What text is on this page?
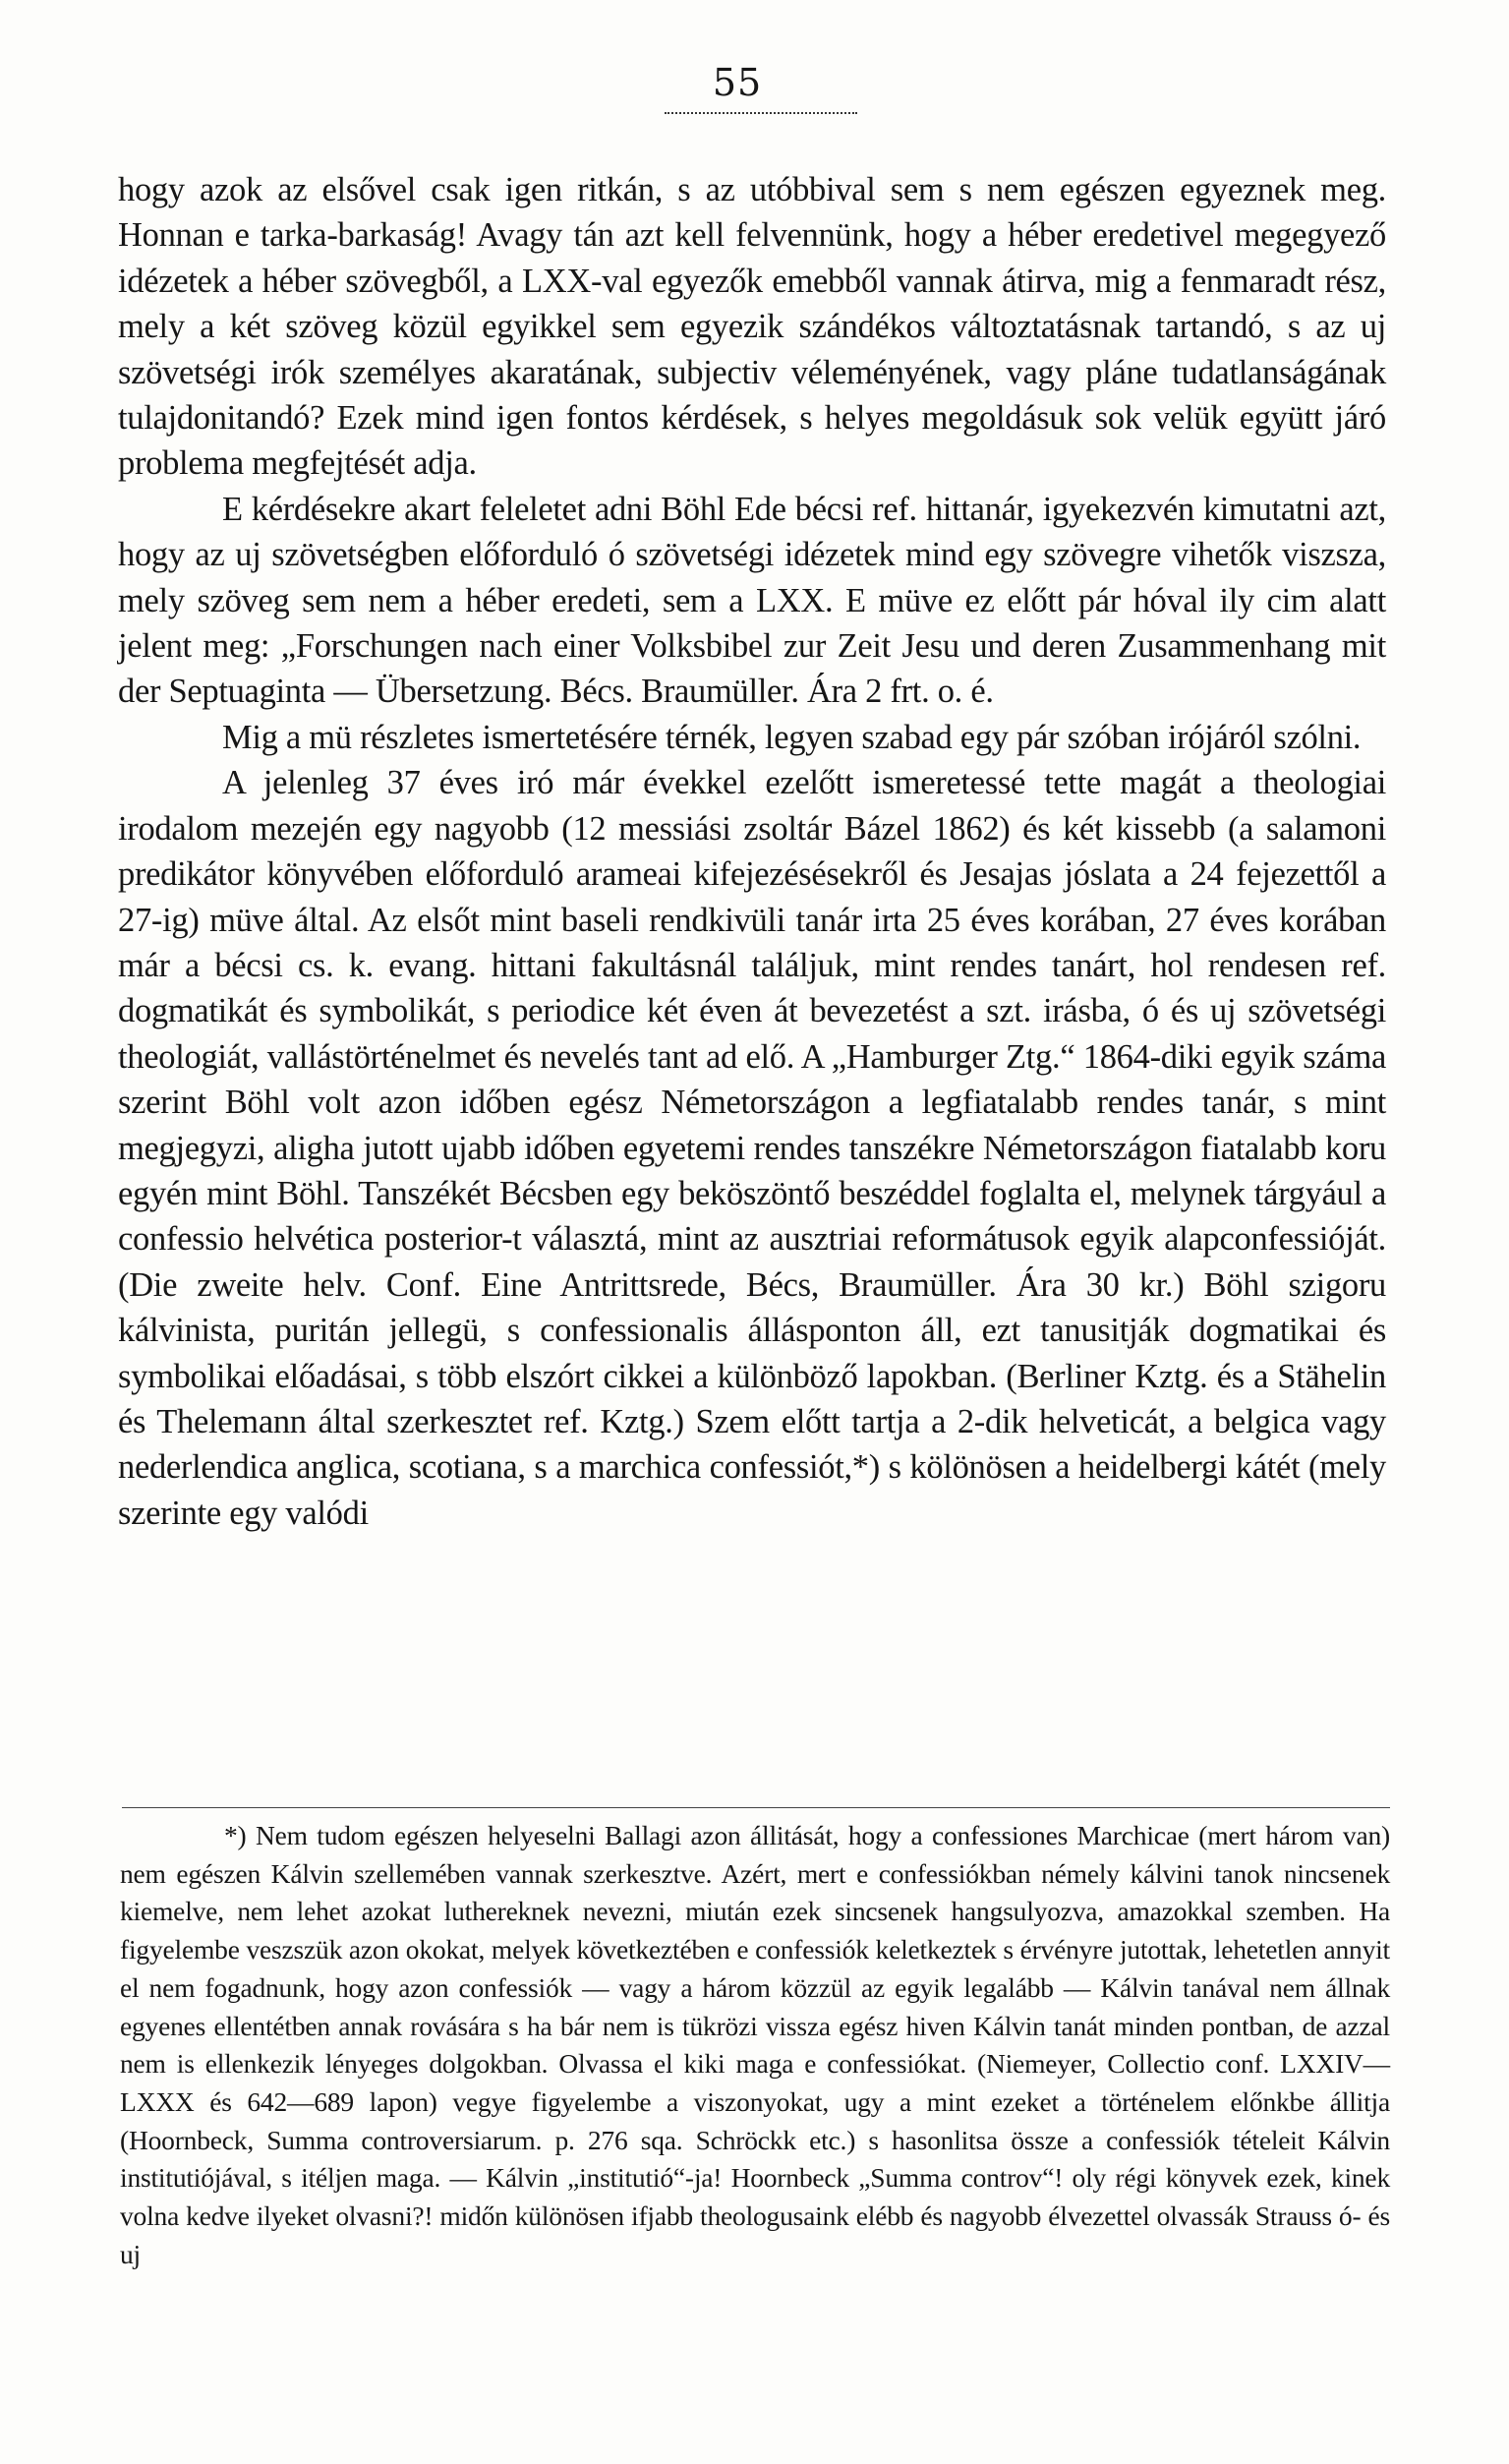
55

hogy azok az elsővel csak igen ritkán, s az utóbbival sem s nem egészen egyeznek meg. Honnan e tarka-barkaság! Avagy tán azt kell felvennünk, hogy a héber eredetivel megegyező idézetek a héber szövegből, a LXX-val egyezők emebből vannak átirva, mig a fenmaradt rész, mely a két szöveg közül egyikkel sem egyezik szándékos változtatásnak tartandó, s az uj szövetségi irók személyes akaratának, subjectiv véleményének, vagy pláne tudatlanságának tulajdonitandó? Ezek mind igen fontos kérdések, s helyes megoldásuk sok velük együtt járó problema megfejtését adja.

E kérdésekre akart feleletet adni Böhl Ede bécsi ref. hittanár, igyekezvén kimutatni azt, hogy az uj szövetségben előforduló ó szövetségi idézetek mind egy szövegre vihetők viszsza, mely szöveg sem nem a héber eredeti, sem a LXX. E müve ez előtt pár hóval ily cim alatt jelent meg: „Forschungen nach einer Volksbibel zur Zeit Jesu und deren Zusammenhang mit der Septuaginta — Übersetzung. Bécs. Braumüller. Ára 2 frt. o. é.

Mig a mü részletes ismertetésére térnék, legyen szabad egy pár szóban irójáról szólni.

A jelenleg 37 éves iró már évekkel ezelőtt ismeretessé tette magát a theologiai irodalom mezején egy nagyobb (12 messiási zsoltár Bázel 1862) és két kissebb (a salamoni predikátor könyvében előforduló arameai kifejezésésekről és Jesajas jóslata a 24 fejezettől a 27-ig) müve által. Az elsőt mint baseli rendkivüli tanár irta 25 éves korában, 27 éves korában már a bécsi cs. k. evang. hittani fakultásnál találjuk, mint rendes tanárt, hol rendesen ref. dogmatikát és symbolikát, s periodice két éven át bevezetést a szt. irásba, ó és uj szövetségi theologiát, vallástörténelmet és nevelés tant ad elő. A „Hamburger Ztg.“ 1864-diki egyik száma szerint Böhl volt azon időben egész Németországon a legfiatalabb rendes tanár, s mint megjegyzi, aligha jutott ujabb időben egyetemi rendes tanszékre Németországon fiatalabb koru egyén mint Böhl. Tanszékét Bécsben egy beköszöntő beszéddel foglalta el, melynek tárgyául a confessio helvética posterior-t választá, mint az ausztriai reformátusok egyik alapconfessióját. (Die zweite helv. Conf. Eine Antrittsrede, Bécs, Braumüller. Ára 30 kr.) Böhl szigoru kálvinista, puritán jellegü, s confessionalis állásponton áll, ezt tanusitják dogmatikai és symbolikai előadásai, s több elszórt cikkei a különböző lapokban. (Berliner Kztg. és a Stähelin és Thelemann által szerkesztet ref. Kztg.) Szem előtt tartja a 2-dik helveticát, a belgica vagy nederlendica anglica, scotiana, s a marchica confessiót,*) s kölönösen a heidelbergi kátét (mely szerinte egy valódi

*) Nem tudom egészen helyeselni Ballagi azon állitását, hogy a confessiones Marchicae (mert három van) nem egészen Kálvin szellemében vannak szerkesztve. Azért, mert e confessiókban némely kálvini tanok nincsenek kiemelve, nem lehet azokat luthereknek nevezni, miután ezek sincsenek hangsulyozva, amazokkal szemben. Ha figyelembe veszszük azon okokat, melyek következtében e confessiók keletkeztek s érvényre jutottak, lehetetlen annyit el nem fogadnunk, hogy azon confessiók — vagy a három közzül az egyik legalább — Kálvin tanával nem állnak egyenes ellentétben annak rovására s ha bár nem is tükrözi vissza egész hiven Kálvin tanát minden pontban, de azzal nem is ellenkezik lényeges dolgokban. Olvassa el kiki maga e confessiókat. (Niemeyer, Collectio conf. LXXIV—LXXX és 642—689 lapon) vegye figyelembe a viszonyokat, ugy a mint ezeket a történelem előnkbe állitja (Hoornbeck, Summa controversiarum. p. 276 sqa. Schröckk etc.) s hasonlitsa össze a confessiók tételeit Kálvin institutiójával, s itéljen maga. — Kálvin „institutió“-ja! Hoornbeck „Summa controv“! oly régi könyvek ezek, kinek volna kedve ilyeket olvasni?! midőn különösen ifjabb theologusaink elébb és nagyobb élvezettel olvassák Strauss ó- és uj
